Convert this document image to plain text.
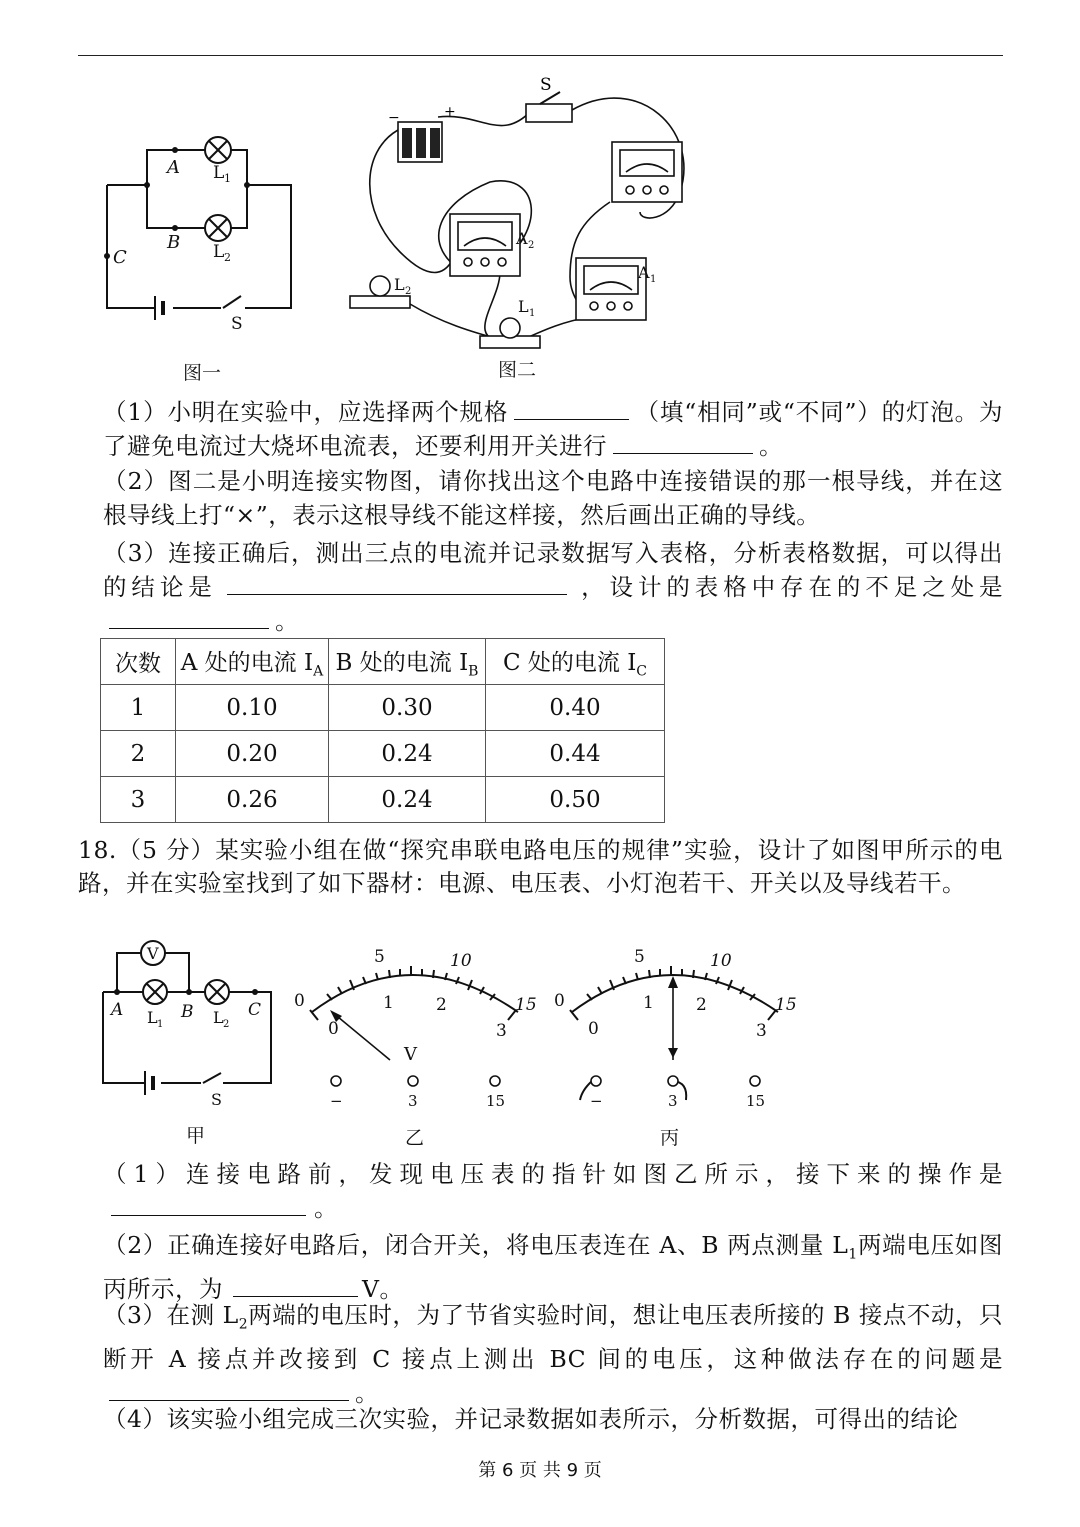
A
B
C
L 1
L 2
S
图一
−	+
S
A 2
A 1
L 2
L 1
图二
（1）小明在实验中，应选择两个规格	（填“相同”或“不同”）的灯泡。为了避免电流过大烧坏电流表，还要利用开关进行	。
（2）图二是小明连接实物图，请你找出这个电路中连接错误的那一根导线，并在这根导线上打“×”，表示这根导线不能这样接，然后画出正确的导线。
（3）连接正确后，测出三点的电流并记录数据写入表格，分析表格数据，可以得出的结论是	，设计的表格中存在的不足之处是。
次数	A 处的电流 $I_A$	B 处的电流 $I_B$	C 处的电流 $I_C$
1	0.10	0.30	0.40
2	0.20	0.24	0.44
3	0.26	0.24	0.50
18.（5 分）某实验小组在做“探究串联电路电压的规律”实验，设计了如图甲所示的电路，并在实验室找到了如下器材：电源、电压表、小灯泡若干、开关以及导线若干。
V
A	B	C
L 1	L 2
S
甲
0
5	10
15
0
1 2
3
V
−	3	15
乙
0
5	10
15
0
1 2
3
−	3	15
丙
（1）连接电路前，发现电压表的指针如图乙所示，接下来的操作是。
（2）正确连接好电路后，闭合开关，将电压表连在 A、B 两点测量 $L_1$两端电压如图丙所示，为	V。
（3）在测 $L_2$两端的电压时，为了节省实验时间，想让电压表所接的 B 接点不动，只断开 A 接点并改接到 C 接点上测出 BC 间的电压，这种做法存在的问题是。
（4）该实验小组完成三次实验，并记录数据如表所示，分析数据，可得出的结论
第 6 页 共 9 页
